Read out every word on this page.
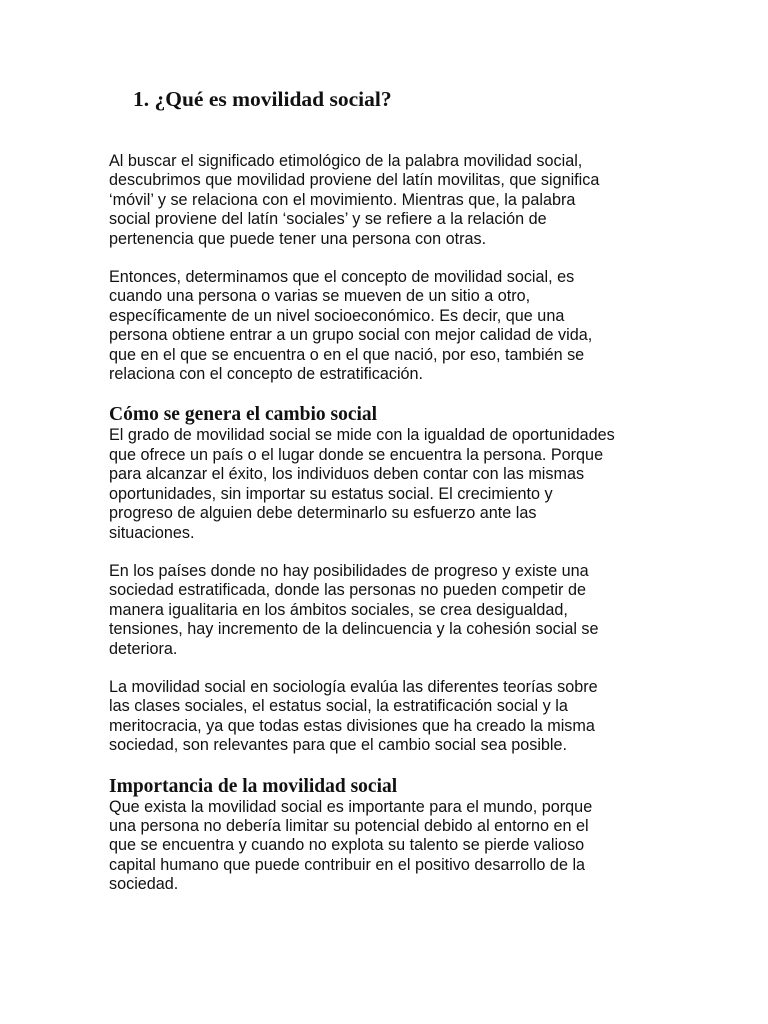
1. ¿Qué es movilidad social?

Al buscar el significado etimológico de la palabra movilidad social,
descubrimos que movilidad proviene del latín movilitas, que significa
‘móvil’ y se relaciona con el movimiento. Mientras que, la palabra
social proviene del latín ‘sociales’ y se refiere a la relación de
pertenencia que puede tener una persona con otras.

Entonces, determinamos que el concepto de movilidad social, es
cuando una persona o varias se mueven de un sitio a otro,
específicamente de un nivel socioeconómico. Es decir, que una
persona obtiene entrar a un grupo social con mejor calidad de vida,
que en el que se encuentra o en el que nació, por eso, también se
relaciona con el concepto de estratificación.

Cómo se genera el cambio social

El grado de movilidad social se mide con la igualdad de oportunidades
que ofrece un país o el lugar donde se encuentra la persona. Porque
para alcanzar el éxito, los individuos deben contar con las mismas
oportunidades, sin importar su estatus social. El crecimiento y
progreso de alguien debe determinarlo su esfuerzo ante las
situaciones.

En los países donde no hay posibilidades de progreso y existe una
sociedad estratificada, donde las personas no pueden competir de
manera igualitaria en los ámbitos sociales, se crea desigualdad,
tensiones, hay incremento de la delincuencia y la cohesión social se
deteriora.

La movilidad social en sociología evalúa las diferentes teorías sobre
las clases sociales, el estatus social, la estratificación social y la
meritocracia, ya que todas estas divisiones que ha creado la misma
sociedad, son relevantes para que el cambio social sea posible.

Importancia de la movilidad social

Que exista la movilidad social es importante para el mundo, porque
una persona no debería limitar su potencial debido al entorno en el
que se encuentra y cuando no explota su talento se pierde valioso
capital humano que puede contribuir en el positivo desarrollo de la
sociedad.
